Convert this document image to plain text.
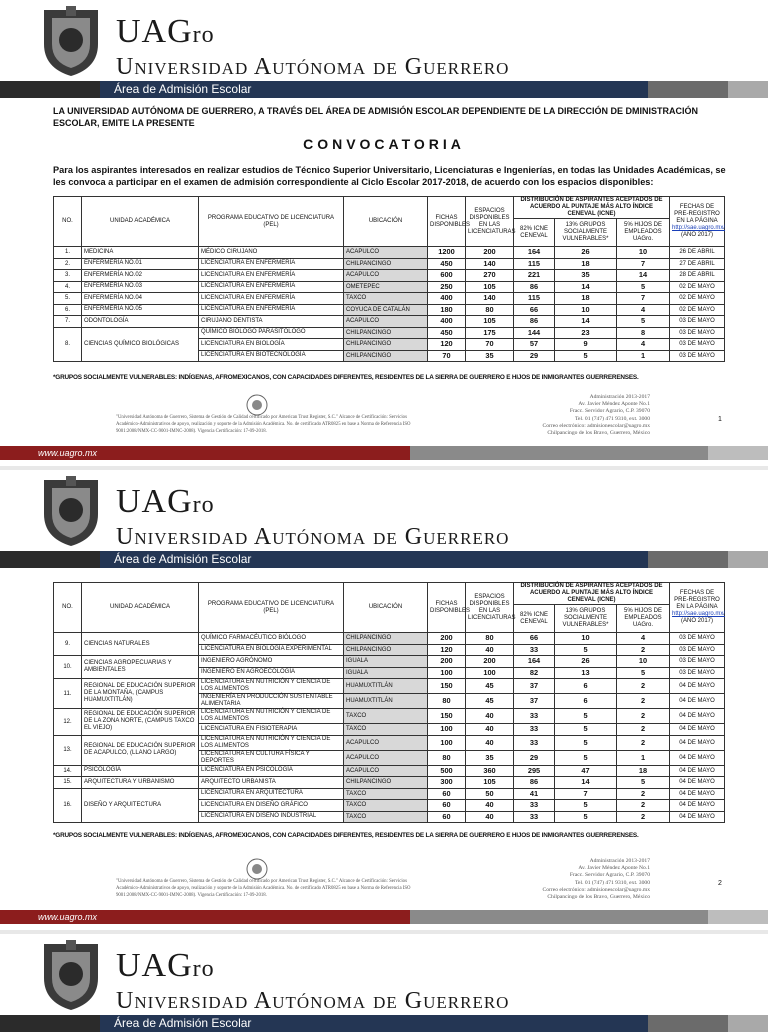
UAGro
Universidad Autónoma de Guerrero
Área de Admisión Escolar
LA UNIVERSIDAD AUTÓNOMA DE GUERRERO, A TRAVÉS DEL ÁREA DE ADMISIÓN ESCOLAR DEPENDIENTE DE LA DIRECCIÓN DE DMINISTRACIÓN ESCOLAR, EMITE LA PRESENTE
CONVOCATORIA
Para los aspirantes interesados en realizar estudios de Técnico Superior Universitario, Licenciaturas e Ingenierías, en todas las Unidades Académicas, se les convoca a participar en el examen de admisión correspondiente al Ciclo Escolar 2017-2018, de acuerdo con los espacios disponibles:
NO.	UNIDAD ACADÉMICA	PROGRAMA EDUCATIVO DE LICENCIATURA (PEL)	UBICACIÓN	FICHAS DISPONIBLES	ESPACIOS DISPONIBLES EN LAS LICENCIATURAS	DISTRIBUCIÓN DE ASPIRANTES ACEPTADOS DE ACUERDO AL PUNTAJE MÁS ALTO ÍNDICE CENEVAL (ICNE)			FECHAS DE PRE-REGISTRO EN LA PÁGINA
http://sae.uagro.mx/
(AÑO 2017)
						82% ICNE CENEVAL	13% GRUPOS SOCIALMENTE VULNERABLES*	5% HIJOS DE EMPLEADOS UAGro.	
1.	MEDICINA	MÉDICO CIRUJANO	ACAPULCO	1200	200	164	26	10	26 DE ABRIL
2.	ENFERMERÍA NO.01	LICENCIATURA EN ENFERMERÍA	CHILPANCINGO	450	140	115	18	7	27 DE ABRIL
3.	ENFERMERÍA NO.02	LICENCIATURA EN ENFERMERÍA	ACAPULCO	600	270	221	35	14	28 DE ABRIL
4.	ENFERMERÍA NO.03	LICENCIATURA EN ENFERMERÍA	OMETEPEC	250	105	86	14	5	02 DE MAYO
5.	ENFERMERÍA NO.04	LICENCIATURA EN ENFERMERÍA	TAXCO	400	140	115	18	7	02 DE MAYO
6.	ENFERMERÍA NO.05	LICENCIATURA EN ENFERMERÍA	COYUCA DE CATALÁN	180	80	66	10	4	02 DE MAYO
7.	ODONTOLOGÍA	CIRUJANO DENTISTA	ACAPULCO	400	105	86	14	5	03 DE MAYO
8.	CIENCIAS QUÍMICO BIOLÓGICAS	QUÍMICO BIÓLOGO PARASITÓLOGO	CHILPANCINGO	450	175	144	23	8	03 DE MAYO
		LICENCIATURA EN BIOLOGÍA	CHILPANCINGO	120	70	57	9	4	03 DE MAYO
		LICENCIATURA EN BIOTECNOLOGÍA	CHILPANCINGO	70	35	29	5	1	03 DE MAYO
*GRUPOS SOCIALMENTE VULNERABLES: INDÍGENAS, AFROMEXICANOS, CON CAPACIDADES DIFERENTES, RESIDENTES DE LA SIERRA DE GUERRERO E HIJOS DE INMIGRANTES GUERRERENSES.
"Universidad Autónoma de Guerrero, Sistema de Gestión de Calidad certificado por American Trust Register, S.C." Alcance de Certificación: Servicios Académico-Administrativos de apoyo, realización y soporte de la Admisión Académica. No. de certificado ATR0825 en base a Norma de Referencia ISO 9001:2008/NMX-CC-9001-IMNC-2008). Vigencia Certificación: 17-09-2018.
Administración 2013-2017
Av. Javier Méndez Aponte No.1
Fracc. Servidor Agrario, C.P. 39070
Tel. 01 (747) 471 9310, ext. 3000
Correo electrónico: admisionescolar@uagro.mx
Chilpancingo de los Bravo, Guerrero, México
1
www.uagro.mx
UAGro
Universidad Autónoma de Guerrero
Área de Admisión Escolar
NO.	UNIDAD ACADÉMICA	PROGRAMA EDUCATIVO DE LICENCIATURA (PEL)	UBICACIÓN	FICHAS DISPONIBLES	ESPACIOS DISPONIBLES EN LAS LICENCIATURAS	DISTRIBUCIÓN DE ASPIRANTES ACEPTADOS DE ACUERDO AL PUNTAJE MÁS ALTO ÍNDICE CENEVAL (ICNE)			FECHAS DE PRE-REGISTRO EN LA PÁGINA
http://sae.uagro.mx/
(AÑO 2017)
						82% ICNE CENEVAL	13% GRUPOS SOCIALMENTE VULNERABLES*	5% HIJOS DE EMPLEADOS UAGro.	
9.	CIENCIAS NATURALES	QUÍMICO FARMACÉUTICO BIÓLOGO	CHILPANCINGO	200	80	66	10	4	03 DE MAYO
		LICENCIATURA EN BIOLOGÍA EXPERIMENTAL	CHILPANCINGO	120	40	33	5	2	03 DE MAYO
10.	CIENCIAS AGROPECUARIAS Y AMBIENTALES	INGENIERO AGRÓNOMO	IGUALA	200	200	164	26	10	03 DE MAYO
		INGENIERO EN AGROECOLOGÍA	IGUALA	100	100	82	13	5	03 DE MAYO
11.	REGIONAL DE EDUCACIÓN SUPERIOR DE LA MONTAÑA, (CAMPUS HUAMUXTITLÁN)	LICENCIATURA EN NUTRICIÓN Y CIENCIA DE LOS ALIMENTOS	HUAMUXTITLÁN	150	45	37	6	2	04 DE MAYO
		INGENIERÍA EN PRODUCCIÓN SUSTENTABLE ALIMENTARIA	HUAMUXTITLÁN	80	45	37	6	2	04 DE MAYO
12.	REGIONAL DE EDUCACIÓN SUPERIOR DE LA ZONA NORTE, (CAMPUS TAXCO EL VIEJO)	LICENCIATURA EN NUTRICIÓN Y CIENCIA DE LOS ALIMENTOS	TAXCO	150	40	33	5	2	04 DE MAYO
		LICENCIATURA EN FISIOTERAPIA	TAXCO	100	40	33	5	2	04 DE MAYO
13.	REGIONAL DE EDUCACIÓN SUPERIOR DE ACAPULCO, (LLANO LARGO)	LICENCIATURA EN NUTRICIÓN Y CIENCIA DE LOS ALIMENTOS	ACAPULCO	100	40	33	5	2	04 DE MAYO
		LICENCIATURA EN CULTURA FÍSICA Y DEPORTES	ACAPULCO	80	35	29	5	1	04 DE MAYO
14.	PSICOLOGÍA	LICENCIATURA EN PSICOLOGÍA	ACAPULCO	500	360	295	47	18	04 DE MAYO
15.	ARQUITECTURA Y URBANISMO	ARQUITECTO URBANISTA	CHILPANCINGO	300	105	86	14	5	04 DE MAYO
16.	DISEÑO Y ARQUITECTURA	LICENCIATURA EN ARQUITECTURA	TAXCO	60	50	41	7	2	04 DE MAYO
		LICENCIATURA EN DISEÑO GRÁFICO	TAXCO	60	40	33	5	2	04 DE MAYO
		LICENCIATURA EN DISEÑO INDUSTRIAL	TAXCO	60	40	33	5	2	04 DE MAYO
*GRUPOS SOCIALMENTE VULNERABLES: INDÍGENAS, AFROMEXICANOS, CON CAPACIDADES DIFERENTES, RESIDENTES DE LA SIERRA DE GUERRERO E HIJOS DE INMIGRANTES GUERRERENSES.
"Universidad Autónoma de Guerrero, Sistema de Gestión de Calidad certificado por American Trust Register, S.C." Alcance de Certificación: Servicios Académico-Administrativos de apoyo, realización y soporte de la Admisión Académica. No. de certificado ATR0825 en base a Norma de Referencia ISO 9001:2008/NMX-CC-9001-IMNC-2008). Vigencia Certificación: 17-09-2018.
Administración 2013-2017
Av. Javier Méndez Aponte No.1
Fracc. Servidor Agrario, C.P. 39070
Tel. 01 (747) 471 9310, ext. 3000
Correo electrónico: admisionescolar@uagro.mx
Chilpancingo de los Bravo, Guerrero, México
2
www.uagro.mx
UAGro
Universidad Autónoma de Guerrero
Área de Admisión Escolar
